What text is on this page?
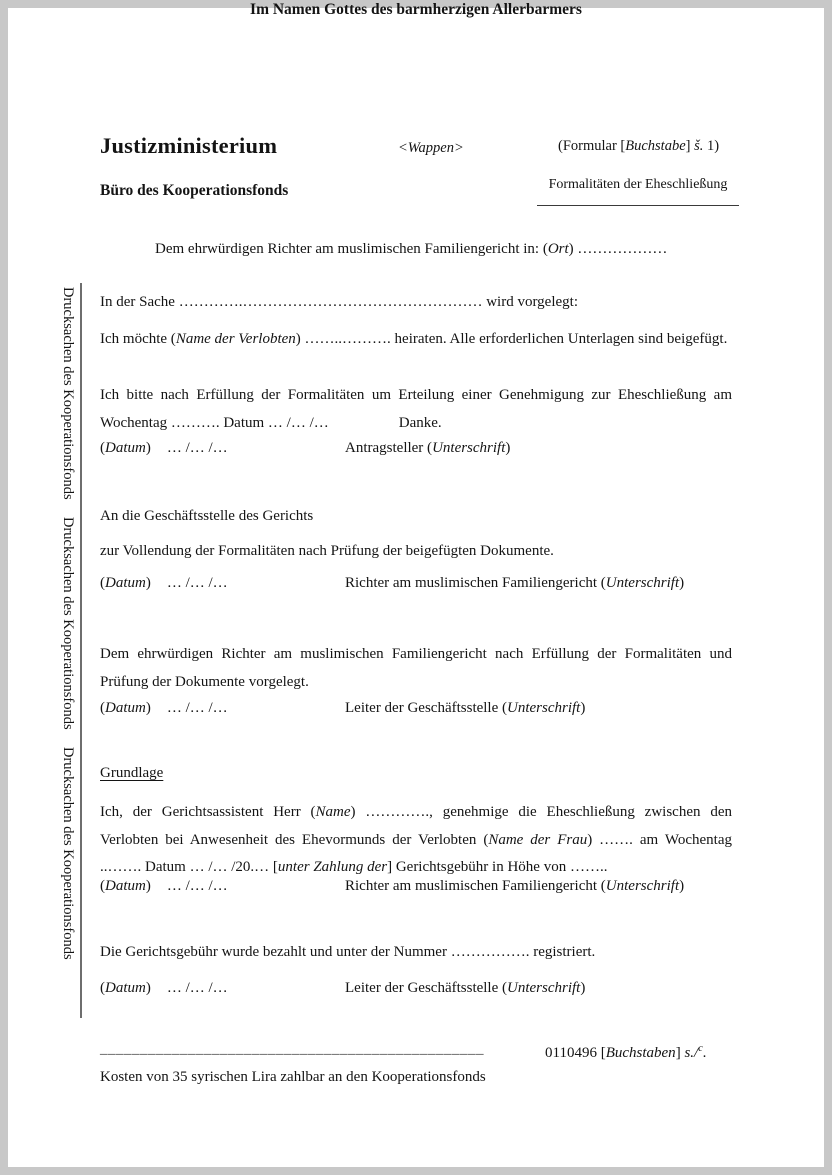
Im Namen Gottes des barmherzigen Allerbarmers
Justizministerium	<Wappen>	(Formular [Buchstabe] š. 1)
Büro des Kooperationsfonds	Formalitäten der Eheschließung
Dem ehrwürdigen Richter am muslimischen Familiengericht in: (Ort) ………………
Drucksachen des Kooperationsfonds Drucksachen des Kooperationsfonds Drucksachen des Kooperationsfonds
In der Sache ………….………………………………………… wird vorgelegt:
Ich möchte (Name der Verlobten) ……..………. heiraten. Alle erforderlichen Unterlagen sind beigefügt.
Ich bitte nach Erfüllung der Formalitäten um Erteilung einer Genehmigung zur Eheschließung am Wochentag ………. Datum … /… /…	Danke.
(Datum) … /… /…	Antragsteller (Unterschrift)
An die Geschäftsstelle des Gerichts
zur Vollendung der Formalitäten nach Prüfung der beigefügten Dokumente.
(Datum) … /… /…	Richter am muslimischen Familiengericht (Unterschrift)
Dem ehrwürdigen Richter am muslimischen Familiengericht nach Erfüllung der Formalitäten und Prüfung der Dokumente vorgelegt.
(Datum) … /… /…	Leiter der Geschäftsstelle (Unterschrift)
Grundlage
Ich, der Gerichtsassistent Herr (Name) …………., genehmige die Eheschließung zwischen den Verlobten bei Anwesenheit des Ehevormunds der Verlobten (Name der Frau) ……. am Wochentag ..……. Datum … /… /20.… [unter Zahlung der] Gerichtsgebühr in Höhe von ……..
(Datum) … /… /…	Richter am muslimischen Familiengericht (Unterschrift)
Die Gerichtsgebühr wurde bezahlt und unter der Nummer ……………. registriert.
(Datum) … /… /…	Leiter der Geschäftsstelle (Unterschrift)
________________________________________________	0110496 [Buchstaben] s./$^c$.
Kosten von 35 syrischen Lira zahlbar an den Kooperationsfonds
